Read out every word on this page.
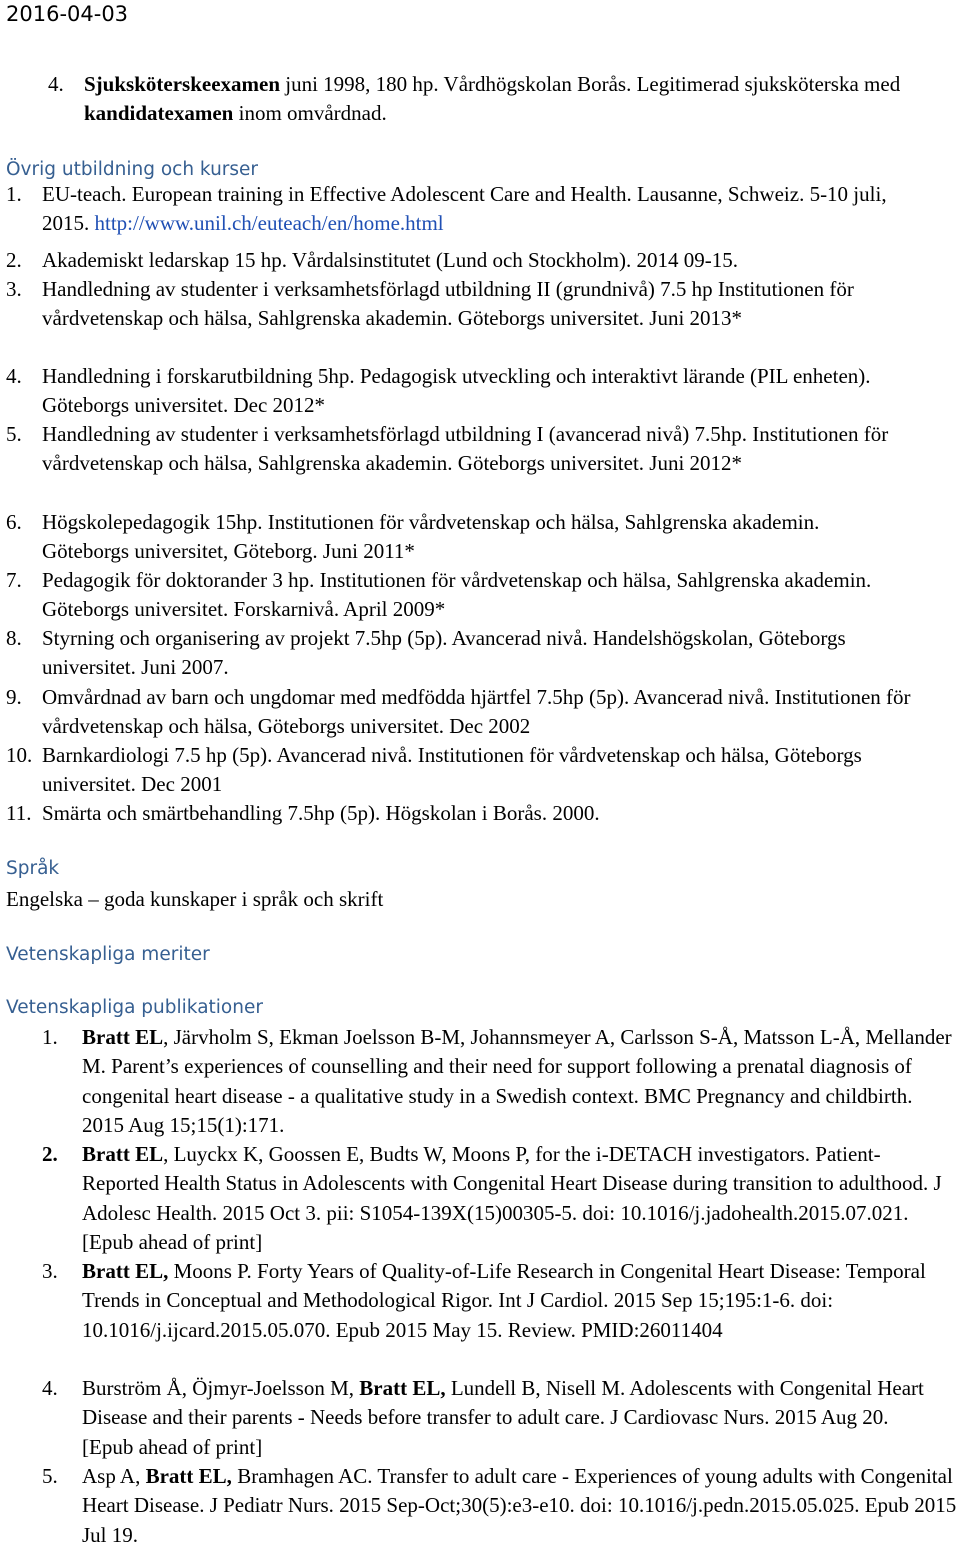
2016-04-03
4. Sjuksköterskeexamen juni 1998, 180 hp. Vårdhögskolan Borås. Legitimerad sjuksköterska med kandidatexamen inom omvårdnad.
Övrig utbildning och kurser
1. EU-teach. European training in Effective Adolescent Care and Health. Lausanne, Schweiz. 5-10 juli, 2015. http://www.unil.ch/euteach/en/home.html
2. Akademiskt ledarskap 15 hp. Vårdalsinstitutet (Lund och Stockholm). 2014 09-15.
3. Handledning av studenter i verksamhetsförlagd utbildning II (grundnivå) 7.5 hp Institutionen för vårdvetenskap och hälsa, Sahlgrenska akademin. Göteborgs universitet. Juni 2013*
4. Handledning i forskarutbildning 5hp. Pedagogisk utveckling och interaktivt lärande (PIL enheten). Göteborgs universitet. Dec 2012*
5. Handledning av studenter i verksamhetsförlagd utbildning I (avancerad nivå) 7.5hp. Institutionen för vårdvetenskap och hälsa, Sahlgrenska akademin. Göteborgs universitet. Juni 2012*
6. Högskolepedagogik 15hp. Institutionen för vårdvetenskap och hälsa, Sahlgrenska akademin. Göteborgs universitet, Göteborg. Juni 2011*
7. Pedagogik för doktorander 3 hp. Institutionen för vårdvetenskap och hälsa, Sahlgrenska akademin. Göteborgs universitet. Forskarnivå. April 2009*
8. Styrning och organisering av projekt 7.5hp (5p). Avancerad nivå. Handelshögskolan, Göteborgs universitet. Juni 2007.
9. Omvårdnad av barn och ungdomar med medfödda hjärtfel 7.5hp (5p). Avancerad nivå. Institutionen för vårdvetenskap och hälsa, Göteborgs universitet. Dec 2002
10. Barnkardiologi 7.5 hp (5p). Avancerad nivå. Institutionen för vårdvetenskap och hälsa, Göteborgs universitet. Dec 2001
11. Smärta och smärtbehandling 7.5hp (5p). Högskolan i Borås. 2000.
Språk
Engelska – goda kunskaper i språk och skrift
Vetenskapliga meriter
Vetenskapliga publikationer
1.	Bratt EL, Järvholm S, Ekman Joelsson B-M, Johannsmeyer A, Carlsson S-Å, Matsson L-Å, Mellander M. Parent’s experiences of counselling and their need for support following a prenatal diagnosis of congenital heart disease - a qualitative study in a Swedish context. BMC Pregnancy and childbirth. 2015 Aug 15;15(1):171.
2.	Bratt EL, Luyckx K, Goossen E, Budts W, Moons P, for the i-DETACH investigators. Patient-Reported Health Status in Adolescents with Congenital Heart Disease during transition to adulthood. J Adolesc Health. 2015 Oct 3. pii: S1054-139X(15)00305-5. doi: 10.1016/j.jadohealth.2015.07.021. [Epub ahead of print]
3.	Bratt EL, Moons P. Forty Years of Quality-of-Life Research in Congenital Heart Disease: Temporal Trends in Conceptual and Methodological Rigor. Int J Cardiol. 2015 Sep 15;195:1-6. doi: 10.1016/j.ijcard.2015.05.070. Epub 2015 May 15. Review. PMID:26011404
4.	Burström Å, Öjmyr-Joelsson M, Bratt EL, Lundell B, Nisell M. Adolescents with Congenital Heart Disease and their parents - Needs before transfer to adult care. J Cardiovasc Nurs. 2015 Aug 20. [Epub ahead of print]
5.	Asp A, Bratt EL, Bramhagen AC. Transfer to adult care - Experiences of young adults with Congenital Heart Disease. J Pediatr Nurs. 2015 Sep-Oct;30(5):e3-e10. doi: 10.1016/j.pedn.2015.05.025. Epub 2015 Jul 19.
